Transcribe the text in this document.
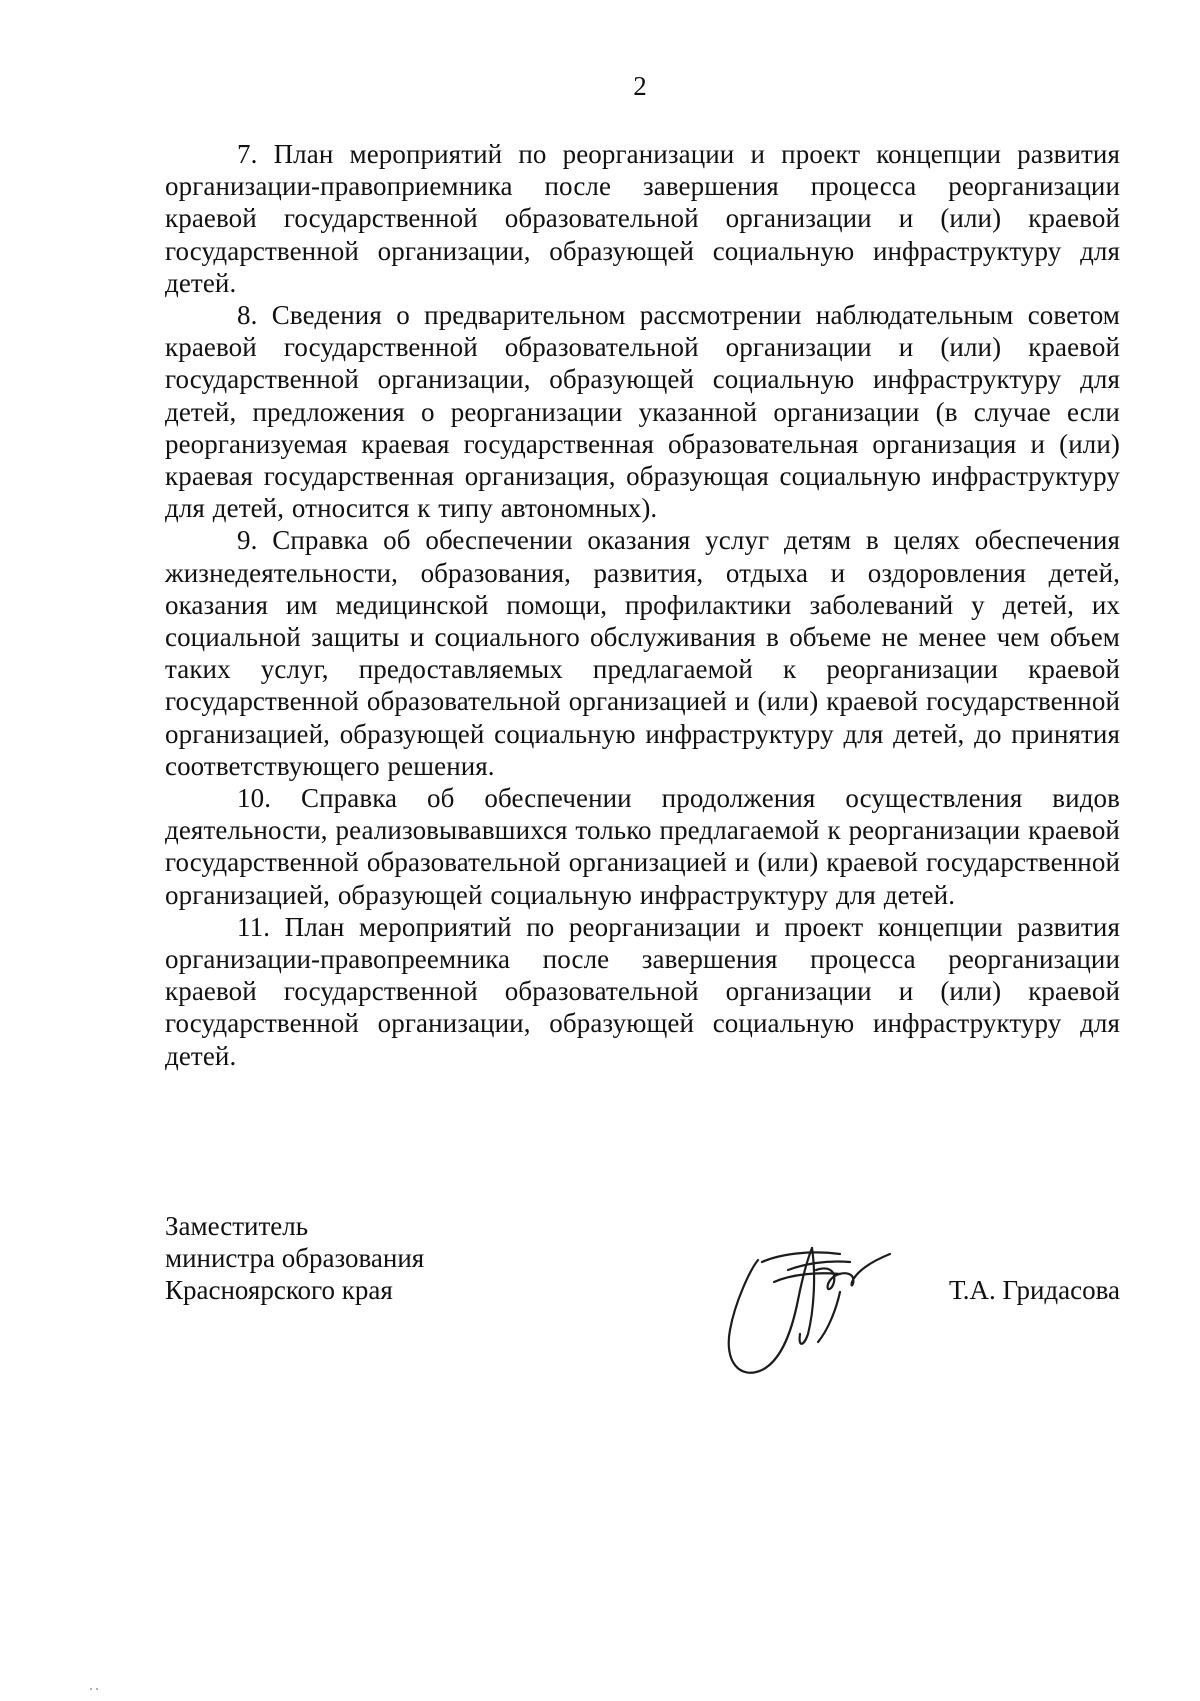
2

7. План мероприятий по реорганизации и проект концепции развития организации-правоприемника после завершения процесса реорганизации краевой государственной образовательной организации и (или) краевой государственной организации, образующей социальную инфраструктуру для детей.

8. Сведения о предварительном рассмотрении наблюдательным советом краевой государственной образовательной организации и (или) краевой государственной организации, образующей социальную инфраструктуру для детей, предложения о реорганизации указанной организации (в случае если реорганизуемая краевая государственная образовательная организация и (или) краевая государственная организация, образующая социальную инфраструктуру для детей, относится к типу автономных).

9. Справка об обеспечении оказания услуг детям в целях обеспечения жизнедеятельности, образования, развития, отдыха и оздоровления детей, оказания им медицинской помощи, профилактики заболеваний у детей, их социальной защиты и социального обслуживания в объеме не менее чем объем таких услуг, предоставляемых предлагаемой к реорганизации краевой государственной образовательной организацией и (или) краевой государственной организацией, образующей социальную инфраструктуру для детей, до принятия соответствующего решения.

10. Справка об обеспечении продолжения осуществления видов деятельности, реализовывавшихся только предлагаемой к реорганизации краевой государственной образовательной организацией и (или) краевой государственной организацией, образующей социальную инфраструктуру для детей.

11. План мероприятий по реорганизации и проект концепции развития организации-правопреемника после завершения процесса реорганизации краевой государственной образовательной организации и (или) краевой государственной организации, образующей социальную инфраструктуру для детей.

Заместитель
министра образования
Красноярского края	Т.А. Гридасова
